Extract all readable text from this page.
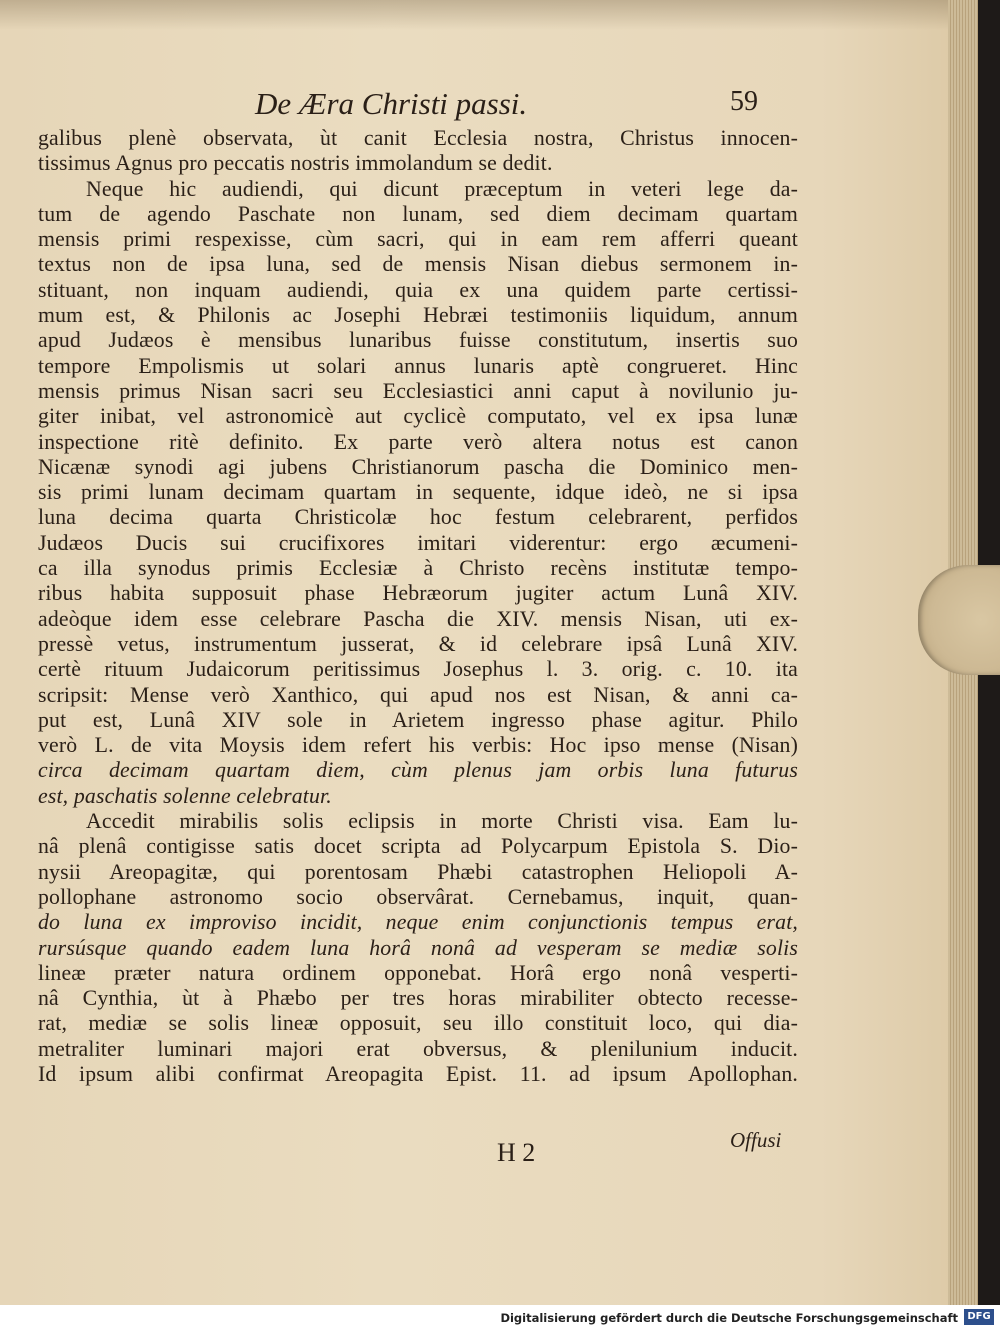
De Æra Christi passi.	59
galibus plenè observata, ùt canit Ecclesia nostra, Christus innocen-
tissimus Agnus pro peccatis nostris immolandum se dedit.
Neque hic audiendi, qui dicunt præceptum in veteri lege da-
tum de agendo Paschate non lunam, sed diem decimam quartam
mensis primi respexisse, cùm sacri, qui in eam rem afferri queant
textus non de ipsa luna, sed de mensis Nisan diebus sermonem in-
stituant, non inquam audiendi, quia ex una quidem parte certissi-
mum est, & Philonis ac Josephi Hebræi testimoniis liquidum, annum
apud Judæos è mensibus lunaribus fuisse constitutum, insertis suo
tempore Empolismis ut solari annus lunaris aptè congrueret. Hinc
mensis primus Nisan sacri seu Ecclesiastici anni caput à novilunio ju-
giter inibat, vel astronomicè aut cyclicè computato, vel ex ipsa lunæ
inspectione ritè definito. Ex parte verò altera notus est canon
Nicænæ synodi agi jubens Christianorum pascha die Dominico men-
sis primi lunam decimam quartam in sequente, idque ideò, ne si ipsa
luna decima quarta Christicolæ hoc festum celebrarent, perfidos
Judæos Ducis sui crucifixores imitari viderentur: ergo æcumeni-
ca illa synodus primis Ecclesiæ à Christo recèns institutæ tempo-
ribus habita supposuit phase Hebræorum jugiter actum Lunâ XIV.
adeòque idem esse celebrare Pascha die XIV. mensis Nisan, uti ex-
pressè vetus, instrumentum jusserat, & id celebrare ipsâ Lunâ XIV.
certè rituum Judaicorum peritissimus Josephus l. 3. orig. c. 10. ita
scripsit: Mense verò Xanthico, qui apud nos est Nisan, & anni ca-
put est, Lunâ XIV sole in Arietem ingresso phase agitur. Philo
verò L. de vita Moysis idem refert his verbis: Hoc ipso mense (Nisan)
circa decimam quartam diem, cùm plenus jam orbis luna futurus
est, paschatis solenne celebratur.
Accedit mirabilis solis eclipsis in morte Christi visa. Eam lu-
nâ plenâ contigisse satis docet scripta ad Polycarpum Epistola S. Dio-
nysii Areopagitæ, qui porentosam Phæbi catastrophen Heliopoli A-
pollophane astronomo socio observârat. Cernebamus, inquit, quan-
do luna ex improviso incidit, neque enim conjunctionis tempus erat,
rursúsque quando eadem luna horâ nonâ ad vesperam se mediæ solis
lineæ præter natura ordinem opponebat. Horâ ergo nonâ vesperti-
nâ Cynthia, ùt à Phæbo per tres horas mirabiliter obtecto recesse-
rat, mediæ se solis lineæ opposuit, seu illo constituit loco, qui dia-
metraliter luminari majori erat obversus, & plenilunium inducit.
Id ipsum alibi confirmat Areopagita Epist. 11. ad ipsum Apollophan.
H 2	Offusi
Digitalisierung gefördert durch die Deutsche Forschungsgemeinschaft DFG
